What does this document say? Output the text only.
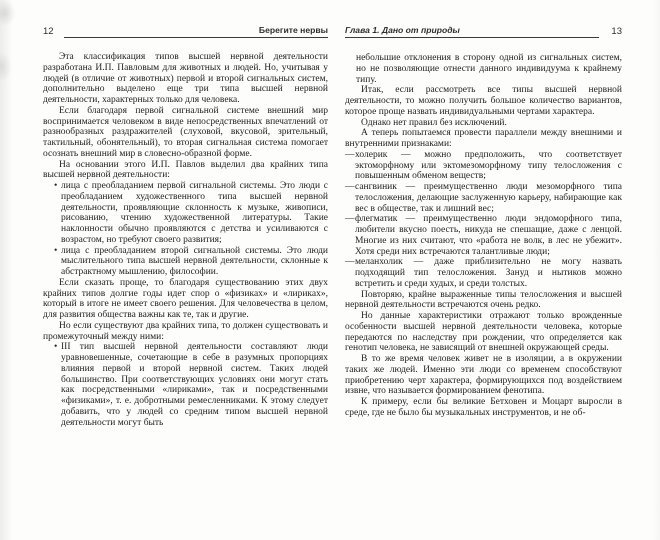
12	Берегите нервы

Эта классификация типов высшей нервной деятельности разработана И.П. Павловым для животных и людей. Но, учитывая у людей (в отличие от животных) первой и второй сигнальных систем, дополнительно выделено еще три типа высшей нервной деятельности, характерных только для человека.

Если благодаря первой сигнальной системе внешний мир воспринимается человеком в виде непосредственных впечатлений от разнообразных раздражителей (слуховой, вкусовой, зрительный, тактильный, обонятельный), то вторая сигнальная система помогает осознать внешний мир в словесно-образной форме.

На основании этого И.П. Павлов выделил два крайних типа высшей нервной деятельности:

• лица с преобладанием первой сигнальной системы. Это люди с преобладанием художественного типа высшей нервной деятельности, проявляющие склонность к музыке, живописи, рисованию, чтению художественной литературы. Такие наклонности обычно проявляются с детства и усиливаются с возрастом, но требуют своего развития;

• лица с преобладанием второй сигнальной системы. Это люди мыслительного типа высшей нервной деятельности, склонные к абстрактному мышлению, философии.

Если сказать проще, то благодаря существованию этих двух крайних типов долгие годы идет спор о «физиках» и «лириках», который в итоге не имеет своего решения. Для человечества в целом, для развития общества важны как те, так и другие.

Но если существуют два крайних типа, то должен существовать и промежуточный между ними:

• III тип высшей нервной деятельности составляют люди уравновешенные, сочетающие в себе в разумных пропорциях влияния первой и второй нервной систем. Таких людей большинство. При соответствующих условиях они могут стать как посредственными «лириками», так и посредственными «физиками», т. е. добротными ремесленниками. К этому следует добавить, что у людей со средним типом высшей нервной деятельности могут быть

Глава 1. Дано от природы	13

небольшие отклонения в сторону одной из сигнальных систем, но не позволяющие отнести данного индивидуума к крайнему типу.

Итак, если рассмотреть все типы высшей нервной деятельности, то можно получить большое количество вариантов, которое проще назвать индивидуальными чертами характера.

Однако нет правил без исключений.

А теперь попытаемся провести параллели между внешними и внутренними признаками:

— холерик — можно предположить, что соответствует эктоморфному или эктомезоморфному типу телосложения с повышенным обменом веществ;

— сангвиник — преимущественно люди мезоморфного типа телосложения, делающие заслуженную карьеру, набирающие как вес в обществе, так и лишний вес;

— флегматик — преимущественно люди эндоморфного типа, любители вкусно поесть, никуда не спешащие, даже с ленцой. Многие из них считают, что «работа не волк, в лес не убежит». Хотя среди них встречаются талантливые люди;

— меланхолик — даже приблизительно не могу назвать подходящий тип телосложения. Зануд и нытиков можно встретить и среди худых, и среди толстых.

Повторяю, крайне выраженные типы телосложения и высшей нервной деятельности встречаются очень редко.

Но данные характеристики отражают только врожденные особенности высшей нервной деятельности человека, которые передаются по наследству при рождении, что определяется как генотип человека, не зависящий от внешней окружающей среды.

В то же время человек живет не в изоляции, а в окружении таких же людей. Именно эти люди со временем способствуют приобретению черт характера, формирующихся под воздействием извне, что называется формированием фенотипа.

К примеру, если бы великие Бетховен и Моцарт выросли в среде, где не было бы музыкальных инструментов, и не об-
